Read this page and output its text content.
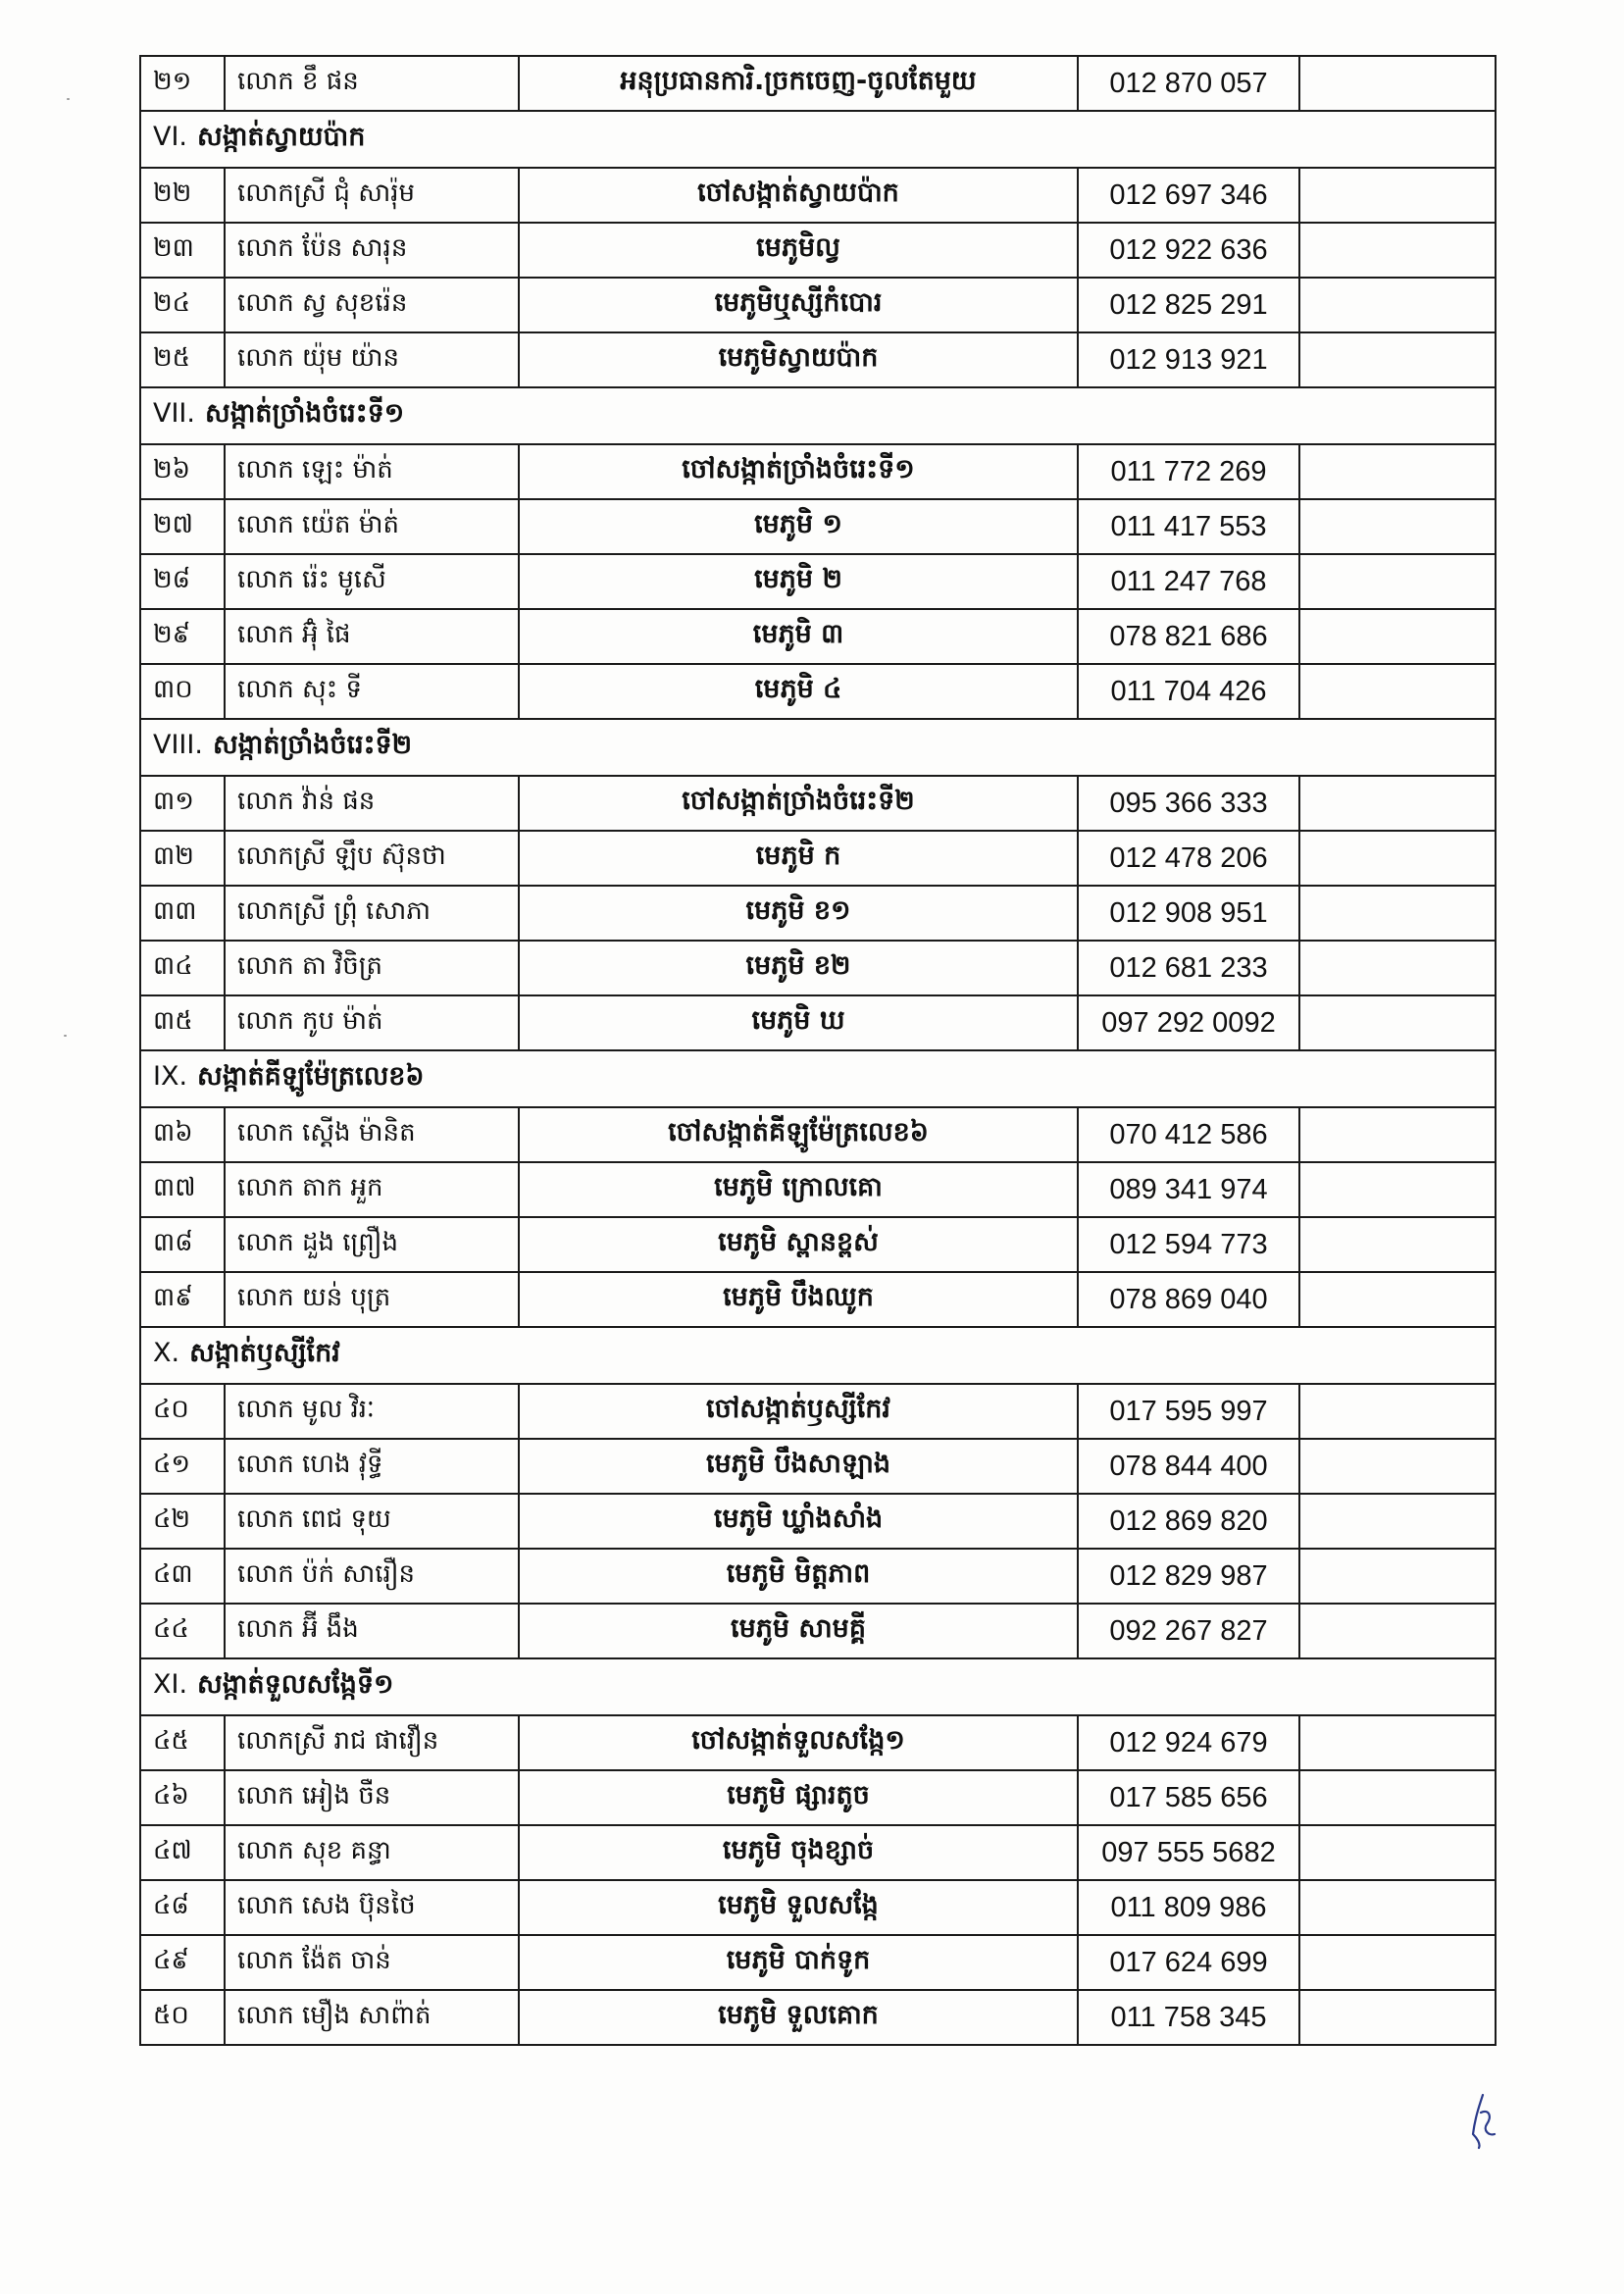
២១	លោក ខឹ ផន	អនុប្រធានការិ.ច្រកចេញ-ចូលតែមួយ	012 870 057	
VI. សង្កាត់ស្វាយប៉ាក				
២២	លោកស្រី ជុំ សារ៉ុម	ចៅសង្កាត់ស្វាយប៉ាក	012 697 346	
២៣	លោក ប៉ែន សារុន	មេភូមិល្វ	012 922 636	
២៤	លោក ស្វ សុខរ៉េន	មេភូមិឬស្សីកំបោរ	012 825 291	
២៥	លោក យ៉ុម យ៉ាន	មេភូមិស្វាយប៉ាក	012 913 921	
VII. សង្កាត់ច្រាំងចំរេះទី១				
២៦	លោក ឡេះ ម៉ាត់	ចៅសង្កាត់ច្រាំងចំរេះទី១	011 772 269	
២៧	លោក យ៉េត ម៉ាត់	មេភូមិ ១	011 417 553	
២៨	លោក រ៉េះ មូសើ	មេភូមិ ២	011 247 768	
២៩	លោក អ៊ុំ ផៃ	មេភូមិ ៣	078 821 686	
៣០	លោក សុះ ទី	មេភូមិ ៤	011 704 426	
VIII. សង្កាត់ច្រាំងចំរេះទី២				
៣១	លោក វ៉ាន់ ផន	ចៅសង្កាត់ច្រាំងចំរេះទី២	095 366 333	
៣២	លោកស្រី ឡឹប ស៊ុនថា	មេភូមិ ក	012 478 206	
៣៣	លោកស្រី ព្រុំ សោភា	មេភូមិ ខ១	012 908 951	
៣៤	លោក តា វិចិត្រ	មេភូមិ ខ២	012 681 233	
៣៥	លោក កូប ម៉ាត់	មេភូមិ ឃ	097 292 0092	
IX. សង្កាត់គីឡូម៉ែត្រលេខ៦				
៣៦	លោក ស្តើង ម៉ានិត	ចៅសង្កាត់គីឡូម៉ែត្រលេខ៦	070 412 586	
៣៧	លោក តាក អួក	មេភូមិ ក្រោលគោ	089 341 974	
៣៨	លោក ដួង ព្រឿង	មេភូមិ ស្ពានខ្ពស់	012 594 773	
៣៩	លោក យន់ បុត្រ	មេភូមិ បឹងឈូក	078 869 040	
X. សង្កាត់ឫស្សីកែវ				
៤០	លោក មូល វិរៈ	ចៅសង្កាត់ឫស្សីកែវ	017 595 997	
៤១	លោក ហេង វុទ្ធី	មេភូមិ បឹងសាឡាង	078 844 400	
៤២	លោក ពេជ ទុយ	មេភូមិ ឃ្លាំងសាំង	012 869 820	
៤៣	លោក ប៉ក់ សារឿន	មេភូមិ មិត្តភាព	012 829 987	
៤៤	លោក អ៊ី ងឹង	មេភូមិ សាមគ្គី	092 267 827	
XI. សង្កាត់ទួលសង្កែទី១				
៤៥	លោកស្រី រាជ ផាវឿន	ចៅសង្កាត់ទួលសង្កែ១	012 924 679	
៤៦	លោក អៀង ចឺន	មេភូមិ ផ្សារតូច	017 585 656	
៤៧	លោក សុខ គន្ធា	មេភូមិ ចុងខ្សាច់	097 555 5682	
៤៨	លោក សេង ប៊ុនថៃ	មេភូមិ ទួលសង្កែ	011 809 986	
៤៩	លោក ង៉ែត ចាន់	មេភូមិ បាក់ទូក	017 624 699	
៥០	លោក មឿង សាព៉ាត់	មេភូមិ ទួលគោក	011 758 345	
